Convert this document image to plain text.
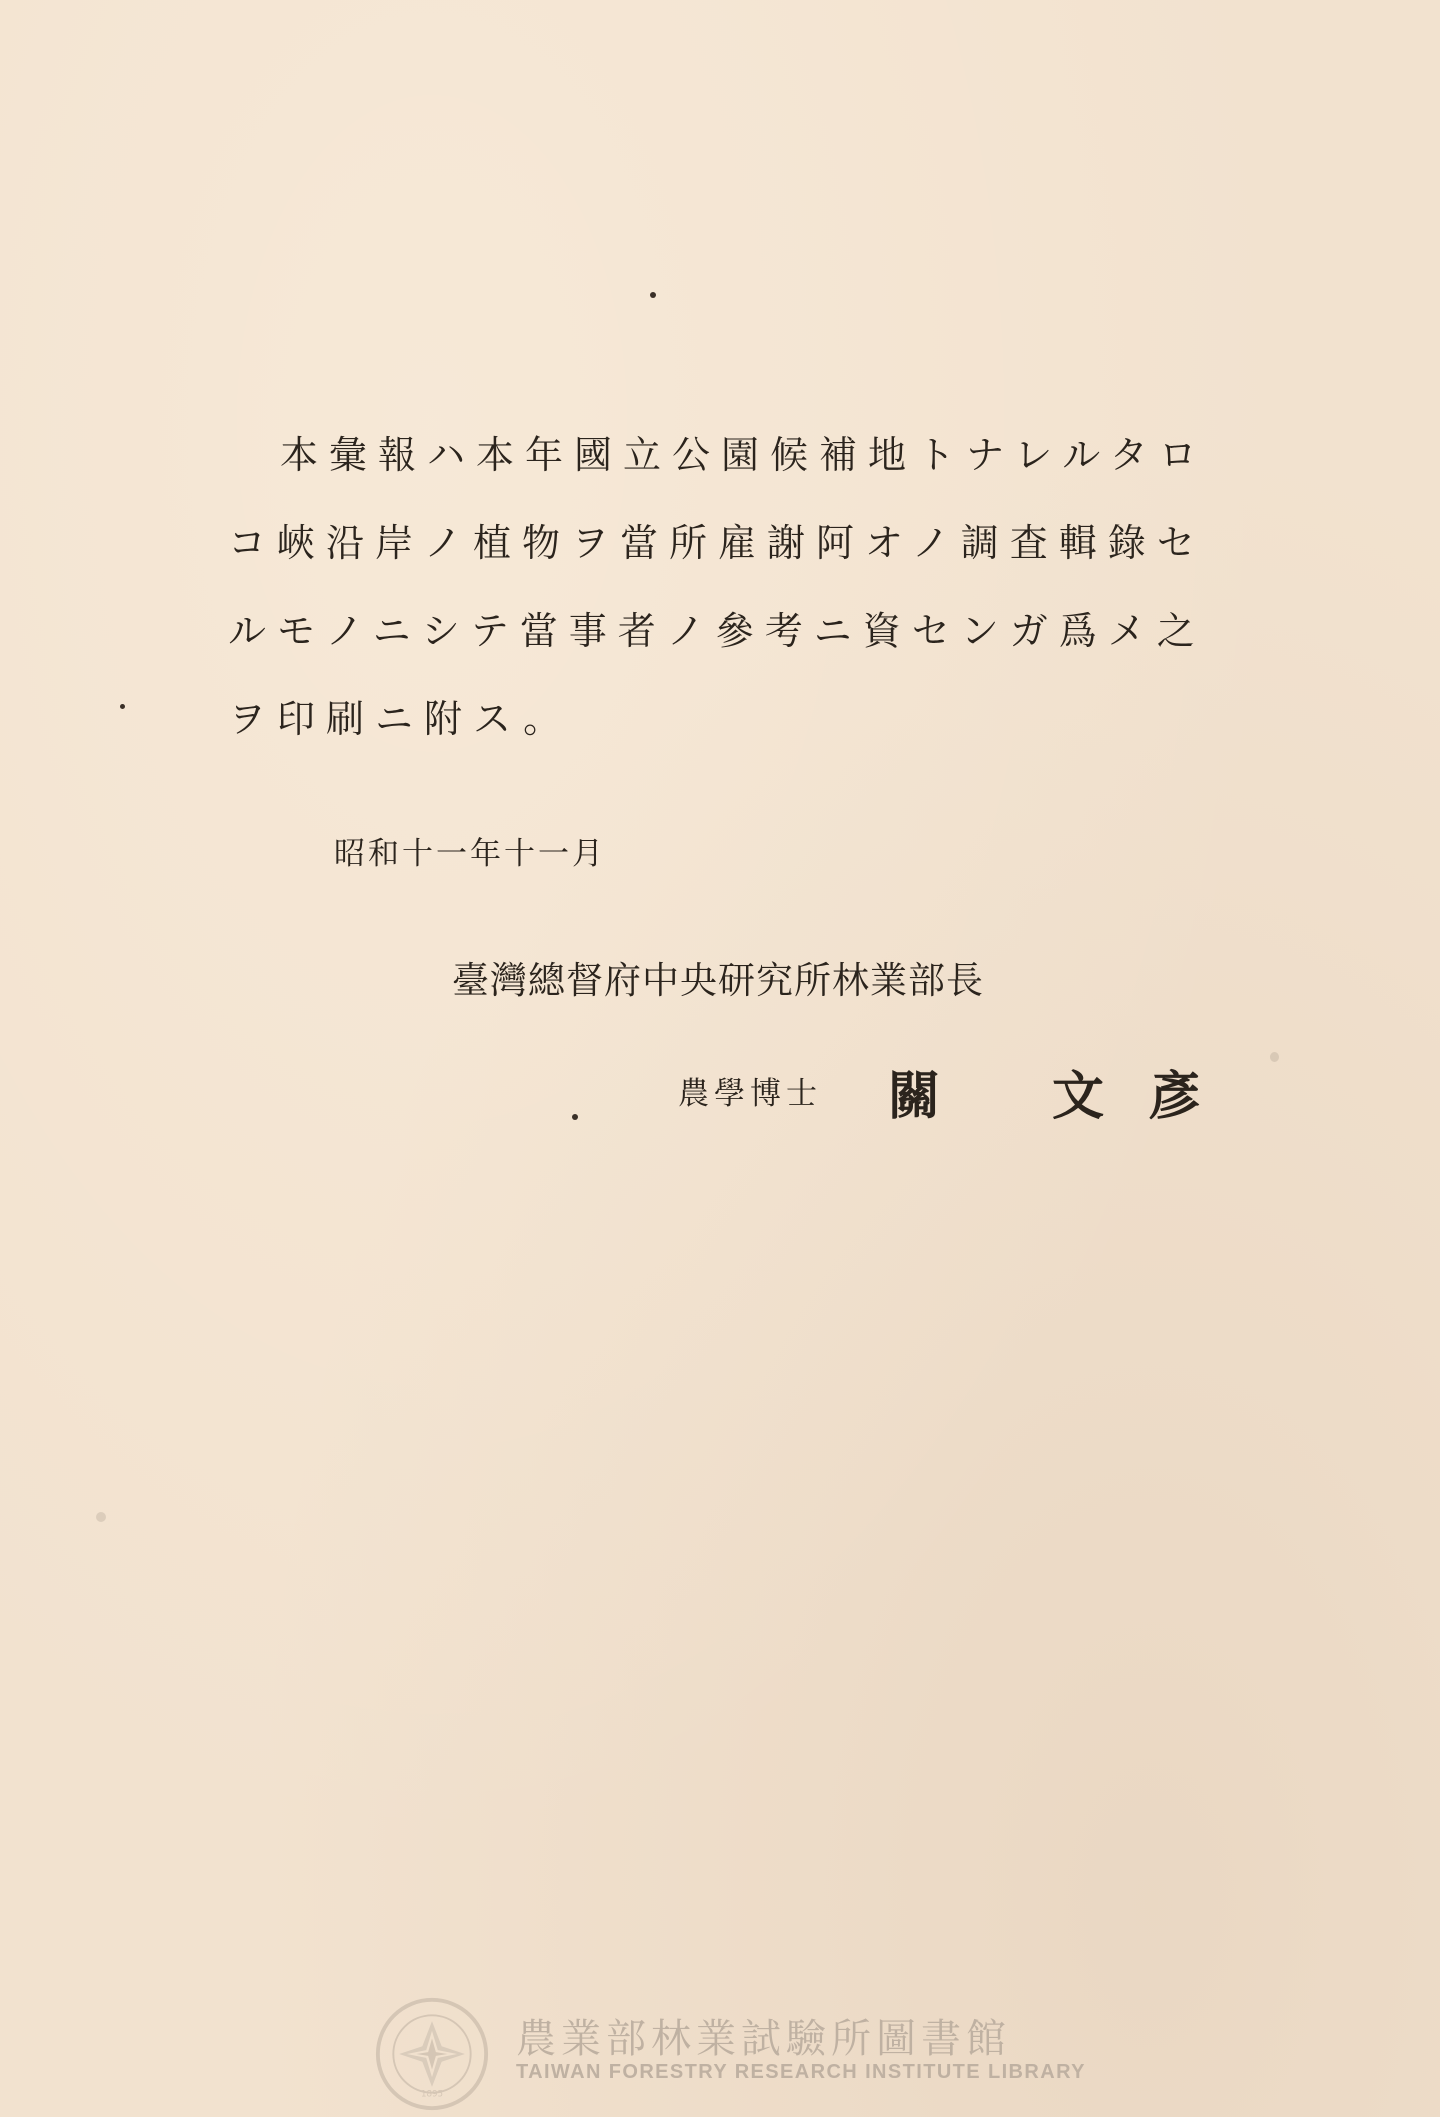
本彙報ハ本年國立公園候補地トナレルタロ
コ峽沿岸ノ植物ヲ當所雇謝阿オノ調査輯錄セ
ルモノニシテ當事者ノ參考ニ資センガ爲メ之
ヲ印刷ニ附ス。
昭和十一年十一月
臺灣總督府中央研究所林業部長
農學博士 關 文 彥
1895
農業部林業試驗所圖書館
TAIWAN FORESTRY RESEARCH INSTITUTE LIBRARY
